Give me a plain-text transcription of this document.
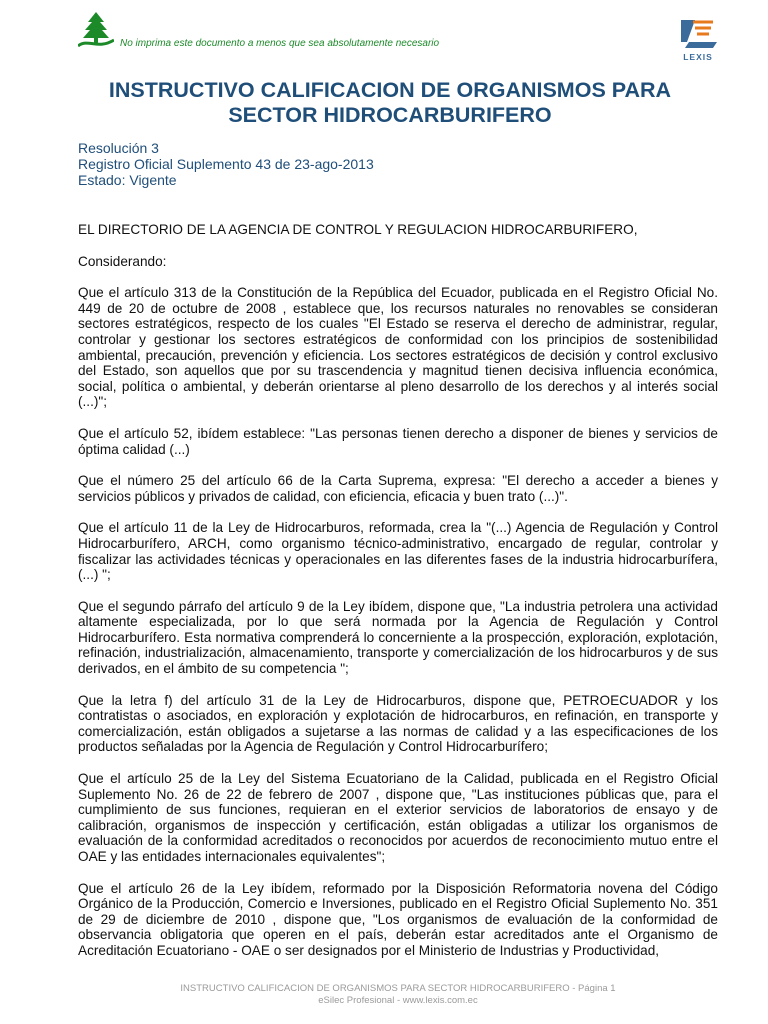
No imprima este documento a menos que sea absolutamente necesario
LEXIS
INSTRUCTIVO CALIFICACION DE ORGANISMOS PARA
SECTOR HIDROCARBURIFERO
Resolución 3
Registro Oficial Suplemento 43 de 23-ago-2013
Estado: Vigente

EL DIRECTORIO DE LA AGENCIA DE CONTROL Y REGULACION HIDROCARBURIFERO,

Considerando:

Que el artículo 313 de la Constitución de la República del Ecuador, publicada en el Registro Oficial No. 449 de 20 de octubre de 2008 , establece que, los recursos naturales no renovables se consideran sectores estratégicos, respecto de los cuales "El Estado se reserva el derecho de administrar, regular, controlar y gestionar los sectores estratégicos de conformidad con los principios de sostenibilidad ambiental, precaución, prevención y eficiencia. Los sectores estratégicos de decisión y control exclusivo del Estado, son aquellos que por su trascendencia y magnitud tienen decisiva influencia económica, social, política o ambiental, y deberán orientarse al pleno desarrollo de los derechos y al interés social (...)";

Que el artículo 52, ibídem establece: "Las personas tienen derecho a disponer de bienes y servicios de óptima calidad (...)

Que el número 25 del artículo 66 de la Carta Suprema, expresa: "El derecho a acceder a bienes y servicios públicos y privados de calidad, con eficiencia, eficacia y buen trato (...)".

Que el artículo 11 de la Ley de Hidrocarburos, reformada, crea la "(...) Agencia de Regulación y Control Hidrocarburífero, ARCH, como organismo técnico-administrativo, encargado de regular, controlar y fiscalizar las actividades técnicas y operacionales en las diferentes fases de la industria hidrocarburífera, (...) ";

Que el segundo párrafo del artículo 9 de la Ley ibídem, dispone que, "La industria petrolera una actividad altamente especializada, por lo que será normada por la Agencia de Regulación y Control Hidrocarburífero. Esta normativa comprenderá lo concerniente a la prospección, exploración, explotación, refinación, industrialización, almacenamiento, transporte y comercialización de los hidrocarburos y de sus derivados, en el ámbito de su competencia ";

Que la letra f) del artículo 31 de la Ley de Hidrocarburos, dispone que, PETROECUADOR y los contratistas o asociados, en exploración y explotación de hidrocarburos, en refinación, en transporte y comercialización, están obligados a sujetarse a las normas de calidad y a las especificaciones de los productos señaladas por la Agencia de Regulación y Control Hidrocarburífero;

Que el artículo 25 de la Ley del Sistema Ecuatoriano de la Calidad, publicada en el Registro Oficial Suplemento No. 26 de 22 de febrero de 2007 , dispone que, "Las instituciones públicas que, para el cumplimiento de sus funciones, requieran en el exterior servicios de laboratorios de ensayo y de calibración, organismos de inspección y certificación, están obligadas a utilizar los organismos de evaluación de la conformidad acreditados o reconocidos por acuerdos de reconocimiento mutuo entre el OAE y las entidades internacionales equivalentes";

Que el artículo 26 de la Ley ibídem, reformado por la Disposición Reformatoria novena del Código Orgánico de la Producción, Comercio e Inversiones, publicado en el Registro Oficial Suplemento No. 351 de 29 de diciembre de 2010 , dispone que, "Los organismos de evaluación de la conformidad de observancia obligatoria que operen en el país, deberán estar acreditados ante el Organismo de Acreditación Ecuatoriano - OAE o ser designados por el Ministerio de Industrias y Productividad,

INSTRUCTIVO CALIFICACION DE ORGANISMOS PARA SECTOR HIDROCARBURIFERO - Página 1
eSilec Profesional - www.lexis.com.ec
